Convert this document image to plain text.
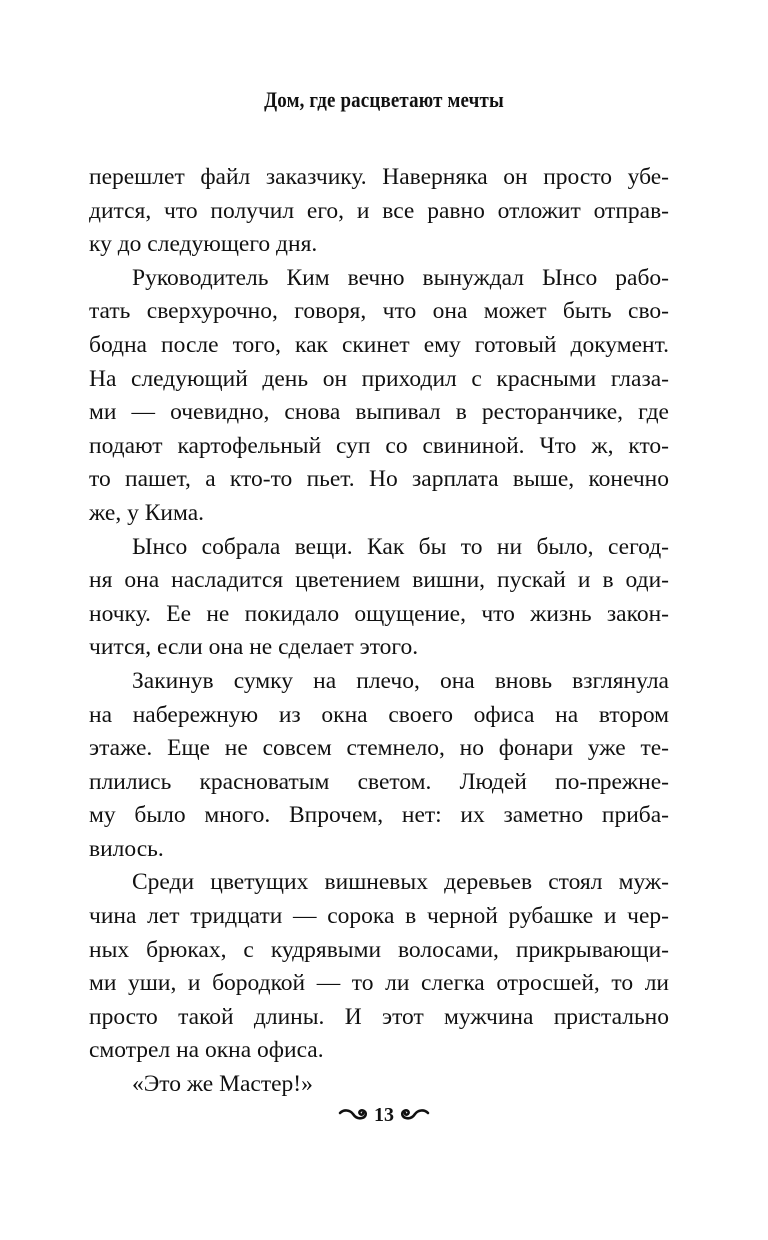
Дом, где расцветают мечты
перешлет файл заказчику. Наверняка он просто убе-
дится, что получил его, и все равно отложит отправ-
ку до следующего дня.
Руководитель Ким вечно вынуждал Ынсо рабо-
тать сверхурочно, говоря, что она может быть сво-
бодна после того, как скинет ему готовый документ.
На следующий день он приходил с красными глаза-
ми — очевидно, снова выпивал в ресторанчике, где
подают картофельный суп со свининой. Что ж, кто-
то пашет, а кто-то пьет. Но зарплата выше, конечно
же, у Кима.
Ынсо собрала вещи. Как бы то ни было, сегод-
ня она насладится цветением вишни, пускай и в оди-
ночку. Ее не покидало ощущение, что жизнь закон-
чится, если она не сделает этого.
Закинув сумку на плечо, она вновь взглянула
на набережную из окна своего офиса на втором
этаже. Еще не совсем стемнело, но фонари уже те-
плились красноватым светом. Людей по-прежне-
му было много. Впрочем, нет: их заметно приба-
вилось.
Среди цветущих вишневых деревьев стоял муж-
чина лет тридцати — сорока в черной рубашке и чер-
ных брюках, с кудрявыми волосами, прикрывающи-
ми уши, и бородкой — то ли слегка отросшей, то ли
просто такой длины. И этот мужчина пристально
смотрел на окна офиса.
«Это же Мастер!»
13
